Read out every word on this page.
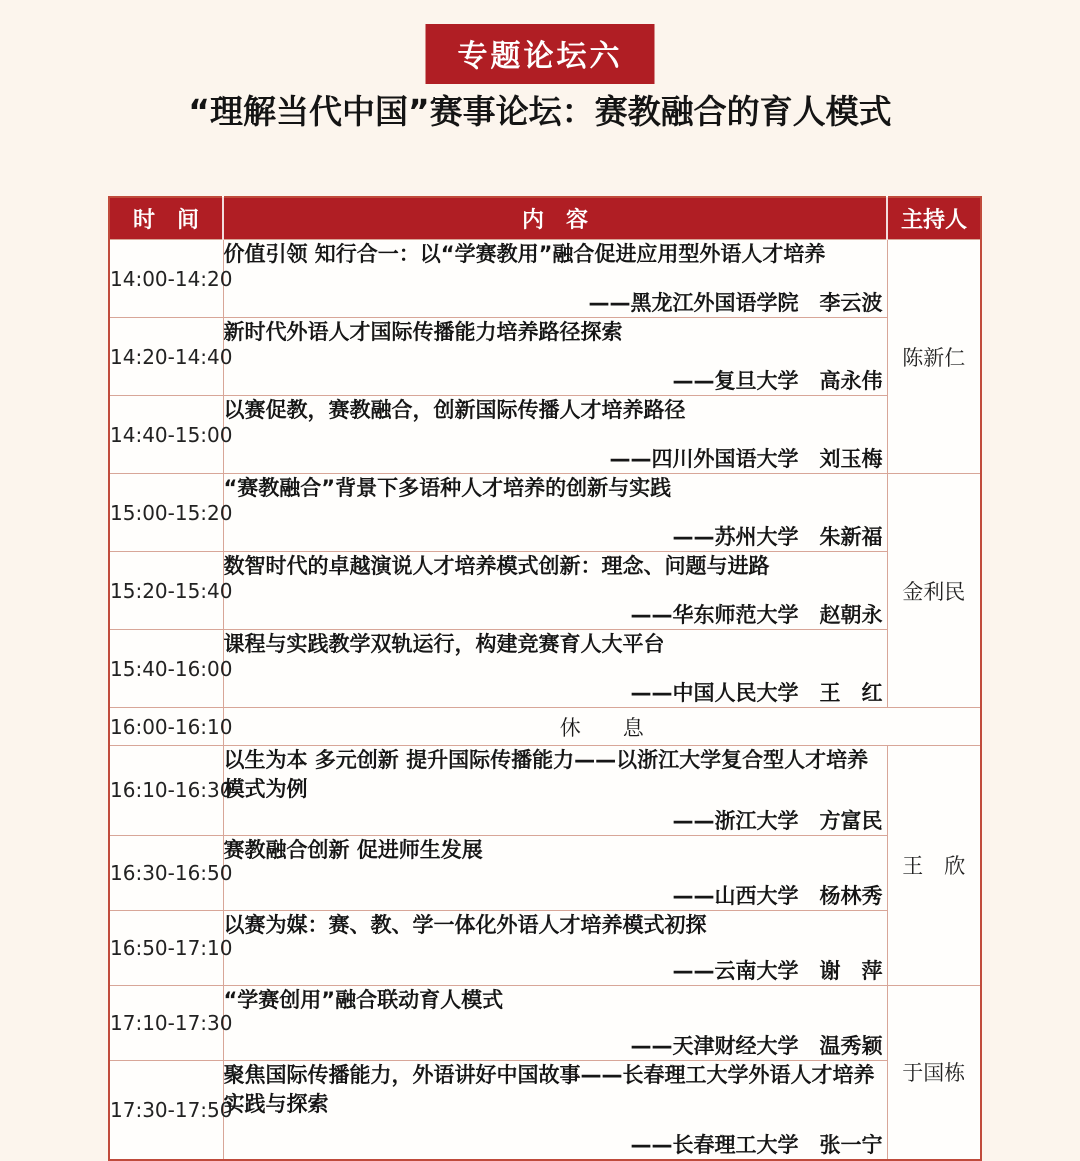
专题论坛六
“理解当代中国”赛事论坛：赛教融合的育人模式
时　间	内　容	主持人
14:00-14:20	价值引领 知行合一：以“学赛教用”融合促进应用型外语人才培养
——黑龙江外国语学院　李云波	陈新仁
14:20-14:40	新时代外语人才国际传播能力培养路径探索
——复旦大学　高永伟	

14:40-15:00	以赛促教，赛教融合，创新国际传播人才培养路径
——四川外国语大学　刘玉梅	

15:00-15:20	“赛教融合”背景下多语种人才培养的创新与实践
——苏州大学　朱新福	金利民
15:20-15:40	数智时代的卓越演说人才培养模式创新：理念、问题与进路
——华东师范大学　赵朝永	

15:40-16:00	课程与实践教学双轨运行，构建竞赛育人大平台
——中国人民大学　王　红	

16:00-16:10	休　　息	
16:10-16:30	以生为本 多元创新 提升国际传播能力——以浙江大学复合型人才培养模式为例
——浙江大学　方富民	王　欣
16:30-16:50	赛教融合创新 促进师生发展
——山西大学　杨林秀	

16:50-17:10	以赛为媒：赛、教、学一体化外语人才培养模式初探
——云南大学　谢　萍	

17:10-17:30	“学赛创用”融合联动育人模式
——天津财经大学　温秀颖	于国栋
17:30-17:50	聚焦国际传播能力，外语讲好中国故事——长春理工大学外语人才培养实践与探索
——长春理工大学　张一宁	
